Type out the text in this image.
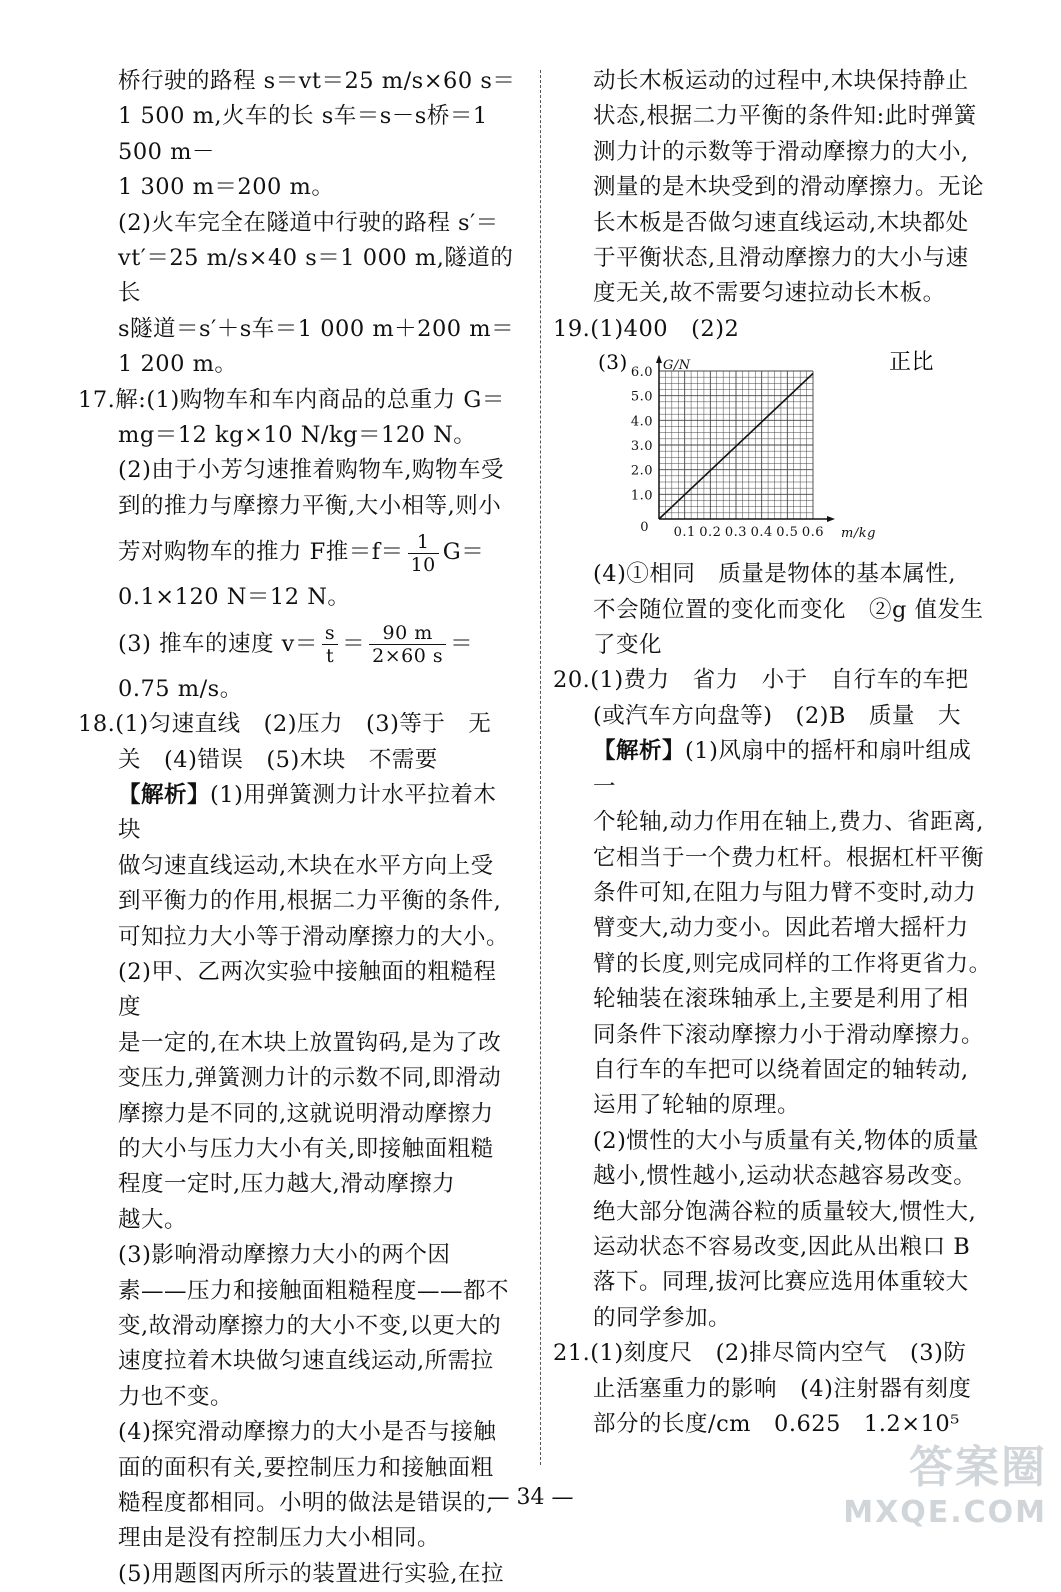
桥行驶的路程 s＝vt＝25 m/s×60 s＝

1 500 m,火车的长 s车＝s－s桥＝1 500 m－

1 300 m＝200 m。

(2)火车完全在隧道中行驶的路程 s′＝

vt′＝25 m/s×40 s＝1 000 m,隧道的长

s隧道＝s′＋s车＝1 000 m＋200 m＝1 200 m。

17.解:(1)购物车和车内商品的总重力 G＝

mg＝12 kg×10 N/kg＝120 N。

(2)由于小芳匀速推着购物车,购物车受

到的推力与摩擦力平衡,大小相等,则小

芳对购物车的推力 F推$=f= \frac{1}{10} G=$

0.1×120 N＝12 N。

(3) 推车的速度 $v= \frac{s}{t} = \frac{90 m}{2\times 60 s}$ ＝

0.75 m/s。

18.(1)匀速直线　(2)压力　(3)等于　无

关　(4)错误　(5)木块　不需要

【解析】(1)用弹簧测力计水平拉着木块

做匀速直线运动,木块在水平方向上受

到平衡力的作用,根据二力平衡的条件,

可知拉力大小等于滑动摩擦力的大小。

(2)甲、乙两次实验中接触面的粗糙程度

是一定的,在木块上放置钩码,是为了改

变压力,弹簧测力计的示数不同,即滑动

摩擦力是不同的,这就说明滑动摩擦力

的大小与压力大小有关,即接触面粗糙

程度一定时,压力越大,滑动摩擦力

越大。

(3)影响滑动摩擦力大小的两个因

素——压力和接触面粗糙程度——都不

变,故滑动摩擦力的大小不变,以更大的

速度拉着木块做匀速直线运动,所需拉

力也不变。

(4)探究滑动摩擦力的大小是否与接触

面的面积有关,要控制压力和接触面粗

糙程度都相同。小明的做法是错误的,

理由是没有控制压力大小相同。

(5)用题图丙所示的装置进行实验,在拉

动长木板运动的过程中,木块保持静止

状态,根据二力平衡的条件知:此时弹簧

测力计的示数等于滑动摩擦力的大小,

测量的是木块受到的滑动摩擦力。无论

长木板是否做匀速直线运动,木块都处

于平衡状态,且滑动摩擦力的大小与速

度无关,故不需要匀速拉动长木板。

19.(1)400　(2)2

(3)	正比
0.1 0.2 0.3 0.4 0.5 0.6
1.0
2.0
3.0
4.0
5.0
6.0
0	m/kg
G/N

(4)①相同　质量是物体的基本属性,

不会随位置的变化而变化　②g 值发生

了变化

20.(1)费力　省力　小于　自行车的车把

(或汽车方向盘等)　(2)B　质量　大

【解析】(1)风扇中的摇杆和扇叶组成一

个轮轴,动力作用在轴上,费力、省距离,

它相当于一个费力杠杆。根据杠杆平衡

条件可知,在阻力与阻力臂不变时,动力

臂变大,动力变小。因此若增大摇杆力

臂的长度,则完成同样的工作将更省力。

轮轴装在滚珠轴承上,主要是利用了相

同条件下滚动摩擦力小于滑动摩擦力。

自行车的车把可以绕着固定的轴转动,

运用了轮轴的原理。

(2)惯性的大小与质量有关,物体的质量

越小,惯性越小,运动状态越容易改变。

绝大部分饱满谷粒的质量较大,惯性大,

运动状态不容易改变,因此从出粮口 B

落下。同理,拔河比赛应选用体重较大

的同学参加。

21.(1)刻度尺　(2)排尽筒内空气　(3)防

止活塞重力的影响　(4)注射器有刻度

部分的长度/cm　0.625　1.2×10⁵

— 34 —
答案圈
MXQE.COM
